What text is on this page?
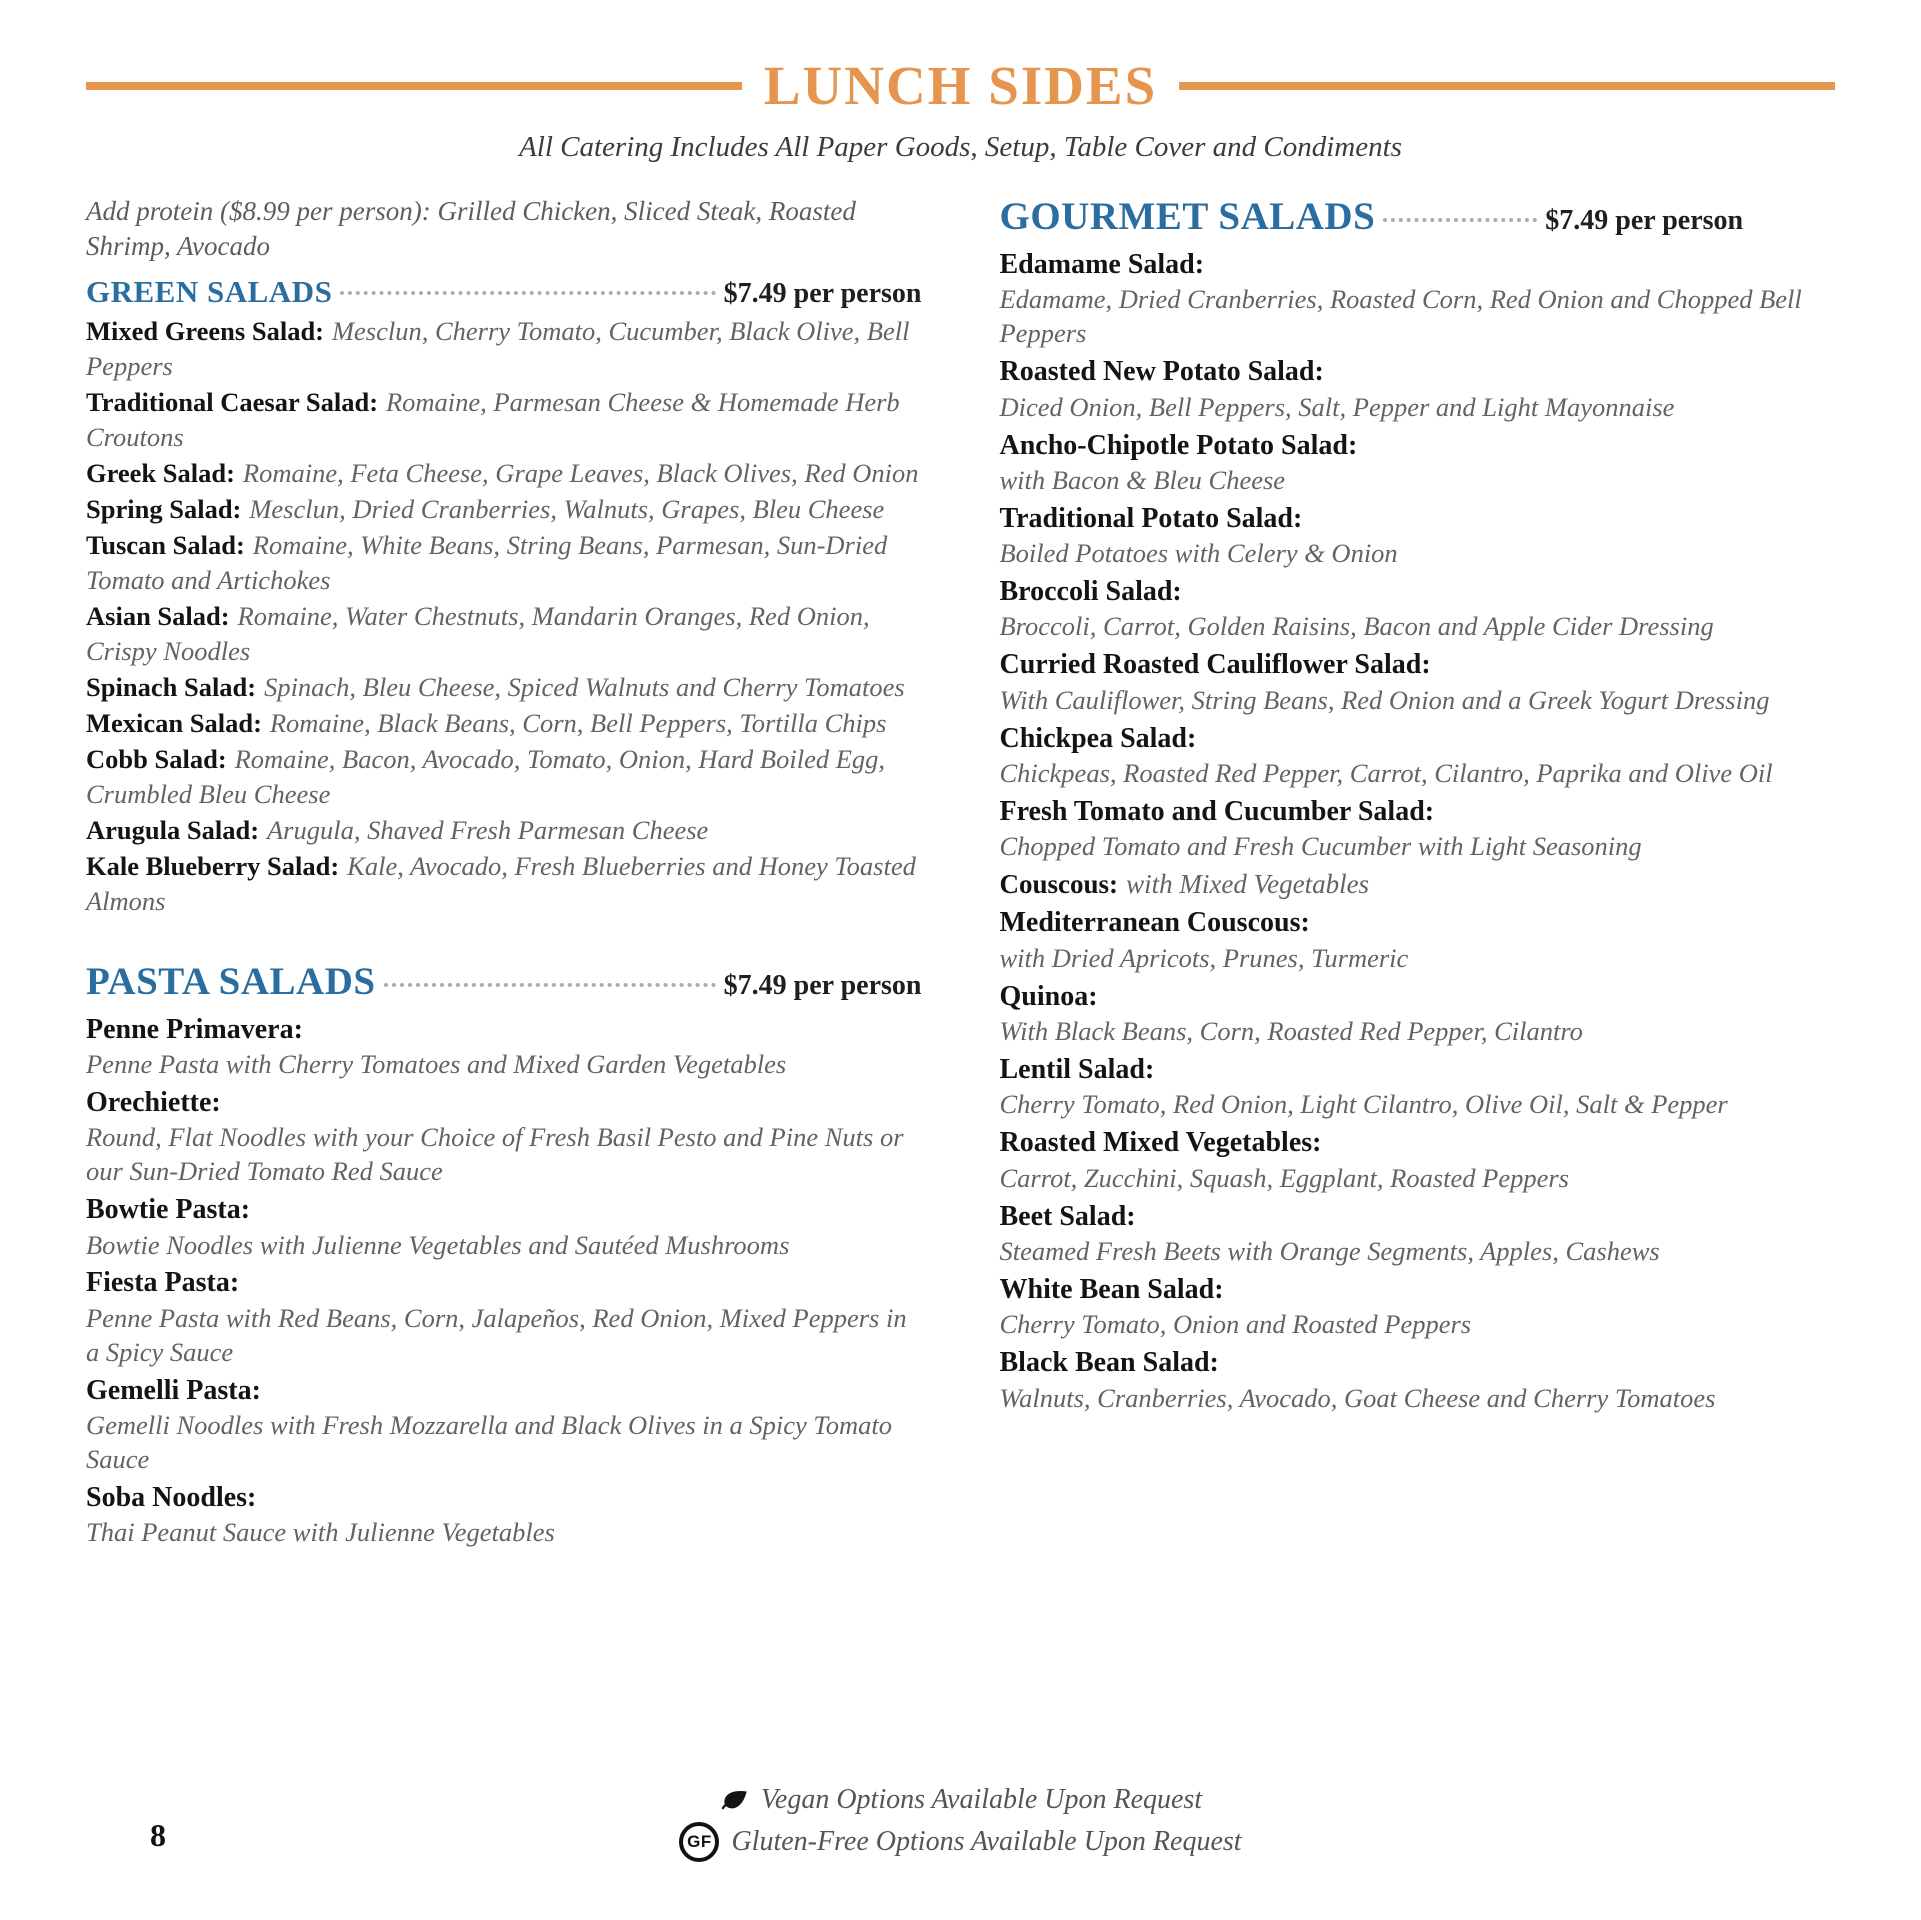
LUNCH SIDES

All Catering Includes All Paper Goods, Setup, Table Cover and Condiments

Add protein ($8.99 per person): Grilled Chicken, Sliced Steak, Roasted Shrimp, Avocado

GREEN SALADS	$7.49 per person
Mixed Greens Salad: Mesclun, Cherry Tomato, Cucumber, Black Olive, Bell Peppers
Traditional Caesar Salad: Romaine, Parmesan Cheese & Homemade Herb Croutons
Greek Salad: Romaine, Feta Cheese, Grape Leaves, Black Olives, Red Onion
Spring Salad: Mesclun, Dried Cranberries, Walnuts, Grapes, Bleu Cheese
Tuscan Salad: Romaine, White Beans, String Beans, Parmesan, Sun-Dried Tomato and Artichokes
Asian Salad: Romaine, Water Chestnuts, Mandarin Oranges, Red Onion, Crispy Noodles
Spinach Salad: Spinach, Bleu Cheese, Spiced Walnuts and Cherry Tomatoes
Mexican Salad: Romaine, Black Beans, Corn, Bell Peppers, Tortilla Chips
Cobb Salad: Romaine, Bacon, Avocado, Tomato, Onion, Hard Boiled Egg, Crumbled Bleu Cheese
Arugula Salad: Arugula, Shaved Fresh Parmesan Cheese
Kale Blueberry Salad: Kale, Avocado, Fresh Blueberries and Honey Toasted Almons
PASTA SALADS	$7.49 per person
Penne Primavera:
Penne Pasta with Cherry Tomatoes and Mixed Garden Vegetables
Orechiette:
Round, Flat Noodles with your Choice of Fresh Basil Pesto and Pine Nuts or our Sun-Dried Tomato Red Sauce
Bowtie Pasta:
Bowtie Noodles with Julienne Vegetables and Sautéed Mushrooms
Fiesta Pasta:
Penne Pasta with Red Beans, Corn, Jalapeños, Red Onion, Mixed Peppers in a Spicy Sauce
Gemelli Pasta:
Gemelli Noodles with Fresh Mozzarella and Black Olives in a Spicy Tomato Sauce
Soba Noodles:
Thai Peanut Sauce with Julienne Vegetables
GOURMET SALADS	$7.49 per person
Edamame Salad:
Edamame, Dried Cranberries, Roasted Corn, Red Onion and Chopped Bell Peppers
Roasted New Potato Salad:
Diced Onion, Bell Peppers, Salt, Pepper and Light Mayonnaise
Ancho-Chipotle Potato Salad:
with Bacon & Bleu Cheese
Traditional Potato Salad:
Boiled Potatoes with Celery & Onion
Broccoli Salad:
Broccoli, Carrot, Golden Raisins, Bacon and Apple Cider Dressing
Curried Roasted Cauliflower Salad:
With Cauliflower, String Beans, Red Onion and a Greek Yogurt Dressing
Chickpea Salad:
Chickpeas, Roasted Red Pepper, Carrot, Cilantro, Paprika and Olive Oil
Fresh Tomato and Cucumber Salad:
Chopped Tomato and Fresh Cucumber with Light Seasoning
Couscous: with Mixed Vegetables
Mediterranean Couscous:
with Dried Apricots, Prunes, Turmeric
Quinoa:
With Black Beans, Corn, Roasted Red Pepper, Cilantro
Lentil Salad:
Cherry Tomato, Red Onion, Light Cilantro, Olive Oil, Salt & Pepper
Roasted Mixed Vegetables:
Carrot, Zucchini, Squash, Eggplant, Roasted Peppers
Beet Salad:
Steamed Fresh Beets with Orange Segments, Apples, Cashews
White Bean Salad:
Cherry Tomato, Onion and Roasted Peppers
Black Bean Salad:
Walnuts, Cranberries, Avocado, Goat Cheese and Cherry Tomatoes
8
Vegan Options Available Upon Request
GF Gluten-Free Options Available Upon Request
